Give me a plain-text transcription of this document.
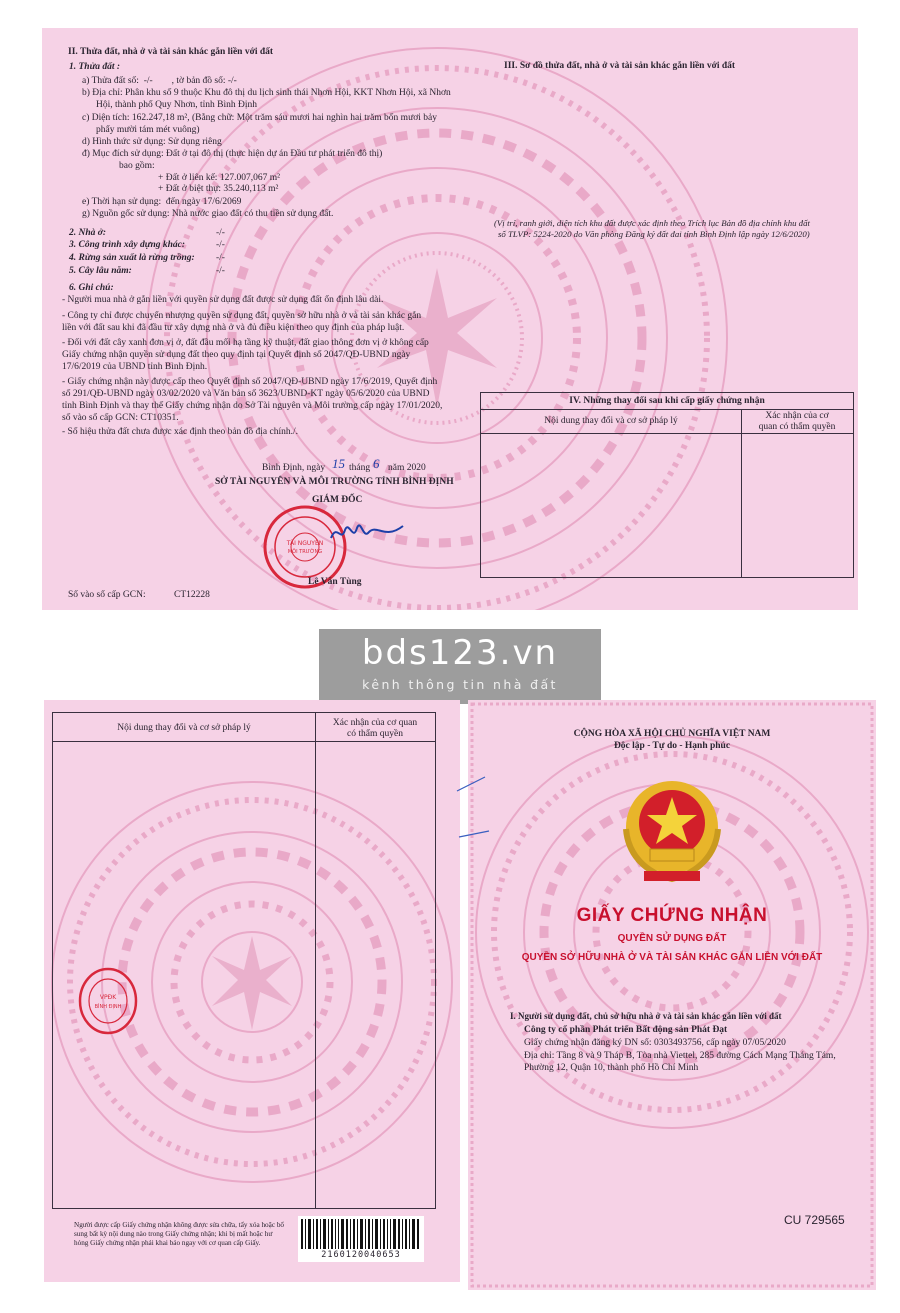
II. Thửa đất, nhà ở và tài sản khác gắn liền với đất
1. Thửa đất :
a) Thửa đất số:  -/-        , tờ bản đồ số: -/-
b) Địa chỉ: Phân khu số 9 thuộc Khu đô thị du lịch sinh thái Nhơn Hội, KKT Nhơn Hội, xã Nhơn
Hội, thành phố Quy Nhơn, tỉnh Bình Định
c) Diện tích: 162.247,18 m², (Bằng chữ: Một trăm sáu mươi hai nghìn hai trăm bốn mươi bảy
phẩy mười tám mét vuông)
d) Hình thức sử dụng: Sử dụng riêng
đ) Mục đích sử dụng: Đất ở tại đô thị (thực hiện dự án Đầu tư phát triển đô thị)
bao gồm:
+ Đất ở liên kế: 127.007,067 m²
+ Đất ở biệt thự: 35.240,113 m²
e) Thời hạn sử dụng:  đến ngày 17/6/2069
g) Nguồn gốc sử dụng: Nhà nước giao đất có thu tiền sử dụng đất.
2. Nhà ở:	-/-
3. Công trình xây dựng khác:	-/-
4. Rừng sản xuất là rừng trồng: -/-
5. Cây lâu năm:	-/-
6. Ghi chú:
- Người mua nhà ở gắn liền với quyền sử dụng đất được sử dụng đất ổn định lâu dài.
- Công ty chỉ được chuyển nhượng quyền sử dụng đất, quyền sở hữu nhà ở và tài sản khác gắn
liền với đất sau khi đã đầu tư xây dựng nhà ở và đủ điều kiện theo quy định của pháp luật.
- Đối với đất cây xanh đơn vị ở, đất đầu mối hạ tầng kỹ thuật, đất giao thông đơn vị ở không cấp
Giấy chứng nhận quyền sử dụng đất theo quy định tại Quyết định số 2047/QĐ-UBND ngày
17/6/2019 của UBND tỉnh Bình Định.
- Giấy chứng nhận này được cấp theo Quyết định số 2047/QĐ-UBND ngày 17/6/2019, Quyết định
số 291/QĐ-UBND ngày 03/02/2020 và Văn bản số 3623/UBND-KT ngày 05/6/2020 của UBND
tỉnh Bình Định và thay thế Giấy chứng nhận do Sở Tài nguyên và Môi trường cấp ngày 17/01/2020,
số vào sổ cấp GCN: CT10351.
- Số hiệu thửa đất chưa được xác định theo bản đồ địa chính./.
Bình Định, ngày 15 tháng 6 năm 2020
SỞ TÀI NGUYÊN VÀ MÔI TRƯỜNG TỈNH BÌNH ĐỊNH
GIÁM ĐỐC
TÀI NGUYÊN
MÔI TRƯỜNG
Lê Văn Tùng
Số vào sổ cấp GCN:	CT12228
III. Sơ đồ thửa đất, nhà ở và tài sản khác gắn liền với đất
(Vị trí, ranh giới, diện tích khu đất được xác định theo Trích lục Bản đồ địa chính khu đất
số TLVP: 5224-2020 do Văn phòng Đăng ký đất đai tỉnh Bình Định lập ngày 12/6/2020)
IV. Những thay đổi sau khi cấp giấy chứng nhận
Nội dung thay đổi và cơ sở pháp lý	Xác nhận của cơ
quan có thẩm quyền
bds123.vn
kênh thông tin nhà đất
Nội dung thay đổi và cơ sở pháp lý	Xác nhận của cơ quan
có thẩm quyền
VPĐK
BÌNH ĐỊNH
Người được cấp Giấy chứng nhận không được sửa chữa, tẩy xóa hoặc bổ
sung bất kỳ nội dung nào trong Giấy chứng nhận; khi bị mất hoặc hư
hỏng Giấy chứng nhận phải khai báo ngay với cơ quan cấp Giấy.
2160120040653
CỘNG HÒA XÃ HỘI CHỦ NGHĨA VIỆT NAM
Độc lập - Tự do - Hạnh phúc
GIẤY CHỨNG NHẬN
QUYỀN SỬ DỤNG ĐẤT
QUYỀN SỞ HỮU NHÀ Ở VÀ TÀI SẢN KHÁC GẮN LIỀN VỚI ĐẤT
I. Người sử dụng đất, chủ sở hữu nhà ở và tài sản khác gắn liền với đất
Công ty cổ phần Phát triển Bất động sản Phát Đạt
Giấy chứng nhận đăng ký DN số: 0303493756, cấp ngày 07/05/2020
Địa chỉ: Tầng 8 và 9 Tháp B, Tòa nhà Viettel, 285 đường Cách Mạng Tháng Tám,
Phường 12, Quận 10, thành phố Hồ Chí Minh
CU 729565
